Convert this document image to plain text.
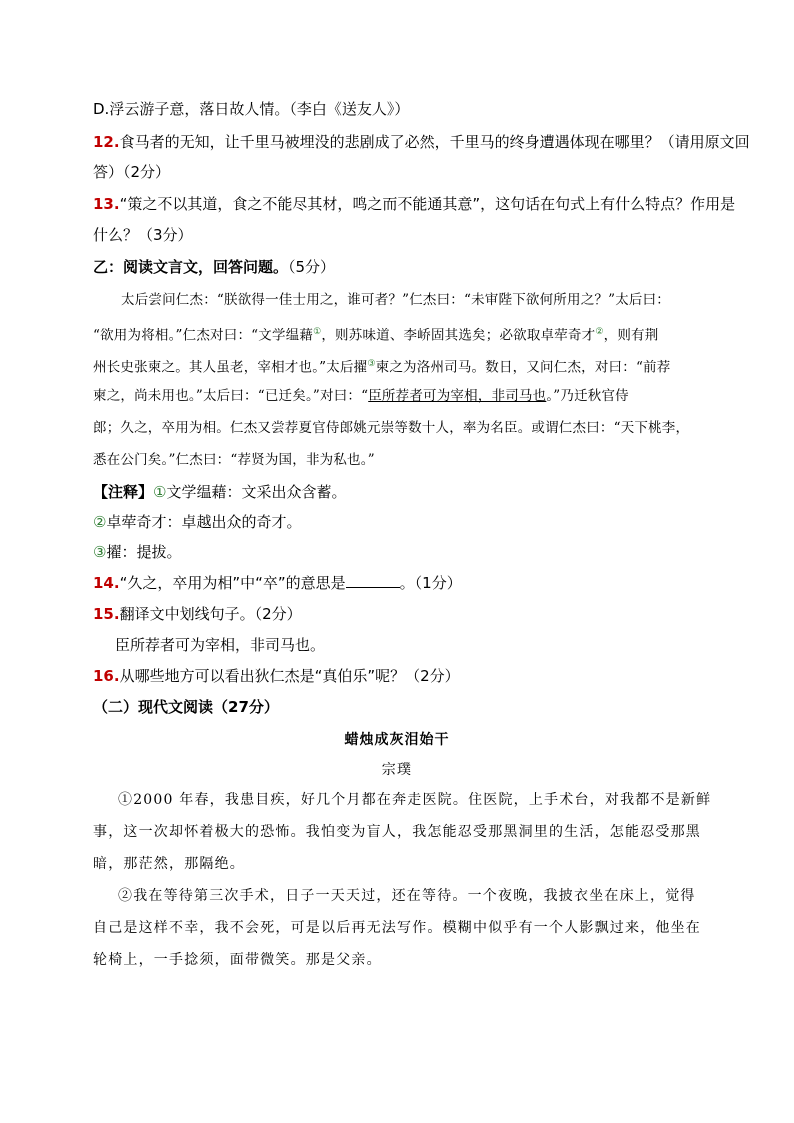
D.浮云游子意，落日故人情。（李白《送友人》）
12.食马者的无知，让千里马被埋没的悲剧成了必然，千里马的终身遭遇体现在哪里？（请用原文回
答）（2分）
13.“策之不以其道，食之不能尽其材，鸣之而不能通其意”，这句话在句式上有什么特点？作用是
什么？（3分）
乙：阅读文言文，回答问题。（5分）
太后尝问仁杰：“朕欲得一佳士用之，谁可者？”仁杰曰：“未审陛下欲何所用之？”太后曰：
“欲用为将相。”仁杰对曰：“文学缊藉①，则苏味道、李峤固其选矣；必欲取卓荦奇才②，则有荆
州长史张柬之。其人虽老，宰相才也。”太后擢③柬之为洛州司马。数日，又问仁杰，对曰：“前荐
柬之，尚未用也。”太后曰：“已迁矣。”对曰：“臣所荐者可为宰相，非司马也。”乃迁秋官侍
郎；久之，卒用为相。仁杰又尝荐夏官侍郎姚元崇等数十人，率为名臣。或谓仁杰曰：“天下桃李，
悉在公门矣。”仁杰曰：“荐贤为国，非为私也。”
【注释】①文学缊藉：文采出众含蓄。
②卓荦奇才：卓越出众的奇才。
③擢：提拔。
14.“久之，卒用为相”中“卒”的意思是	。（1分）
15.翻译文中划线句子。（2分）
臣所荐者可为宰相，非司马也。
16.从哪些地方可以看出狄仁杰是“真伯乐”呢？（2分）
（二）现代文阅读（27分）
蜡烛成灰泪始干
宗璞
①2000 年春，我患目疾，好几个月都在奔走医院。住医院，上手术台，对我都不是新鲜
事，这一次却怀着极大的恐怖。我怕变为盲人，我怎能忍受那黑洞里的生活，怎能忍受那黑
暗，那茫然，那隔绝。
②我在等待第三次手术，日子一天天过，还在等待。一个夜晚，我披衣坐在床上，觉得
自己是这样不幸，我不会死，可是以后再无法写作。模糊中似乎有一个人影飘过来，他坐在
轮椅上，一手捻须，面带微笑。那是父亲。
